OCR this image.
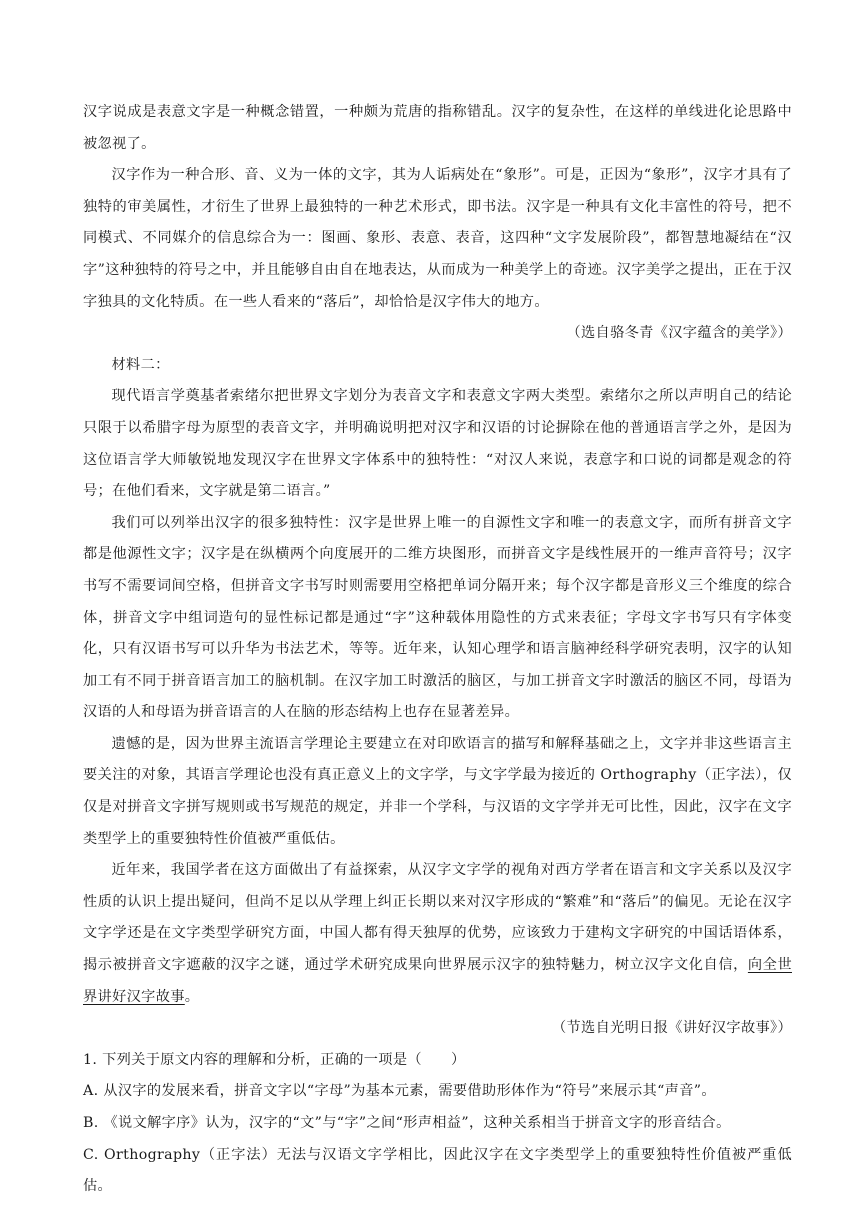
汉字说成是表意文字是一种概念错置，一种颇为荒唐的指称错乱。汉字的复杂性，在这样的单线进化论思路中被忽视了。

汉字作为一种合形、音、义为一体的文字，其为人诟病处在“象形”。可是，正因为“象形”，汉字才具有了独特的审美属性，才衍生了世界上最独特的一种艺术形式，即书法。汉字是一种具有文化丰富性的符号，把不同模式、不同媒介的信息综合为一：图画、象形、表意、表音，这四种“文字发展阶段”，都智慧地凝结在“汉字”这种独特的符号之中，并且能够自由自在地表达，从而成为一种美学上的奇迹。汉字美学之提出，正在于汉字独具的文化特质。在一些人看来的“落后”，却恰恰是汉字伟大的地方。

（选自骆冬青《汉字蕴含的美学》）

材料二：

现代语言学奠基者索绪尔把世界文字划分为表音文字和表意文字两大类型。索绪尔之所以声明自己的结论只限于以希腊字母为原型的表音文字，并明确说明把对汉字和汉语的讨论摒除在他的普通语言学之外，是因为这位语言学大师敏锐地发现汉字在世界文字体系中的独特性：“对汉人来说，表意字和口说的词都是观念的符号；在他们看来，文字就是第二语言。”

我们可以列举出汉字的很多独特性：汉字是世界上唯一的自源性文字和唯一的表意文字，而所有拼音文字都是他源性文字；汉字是在纵横两个向度展开的二维方块图形，而拼音文字是线性展开的一维声音符号；汉字书写不需要词间空格，但拼音文字书写时则需要用空格把单词分隔开来；每个汉字都是音形义三个维度的综合体，拼音文字中组词造句的显性标记都是通过“字”这种载体用隐性的方式来表征；字母文字书写只有字体变化，只有汉语书写可以升华为书法艺术，等等。近年来，认知心理学和语言脑神经科学研究表明，汉字的认知加工有不同于拼音语言加工的脑机制。在汉字加工时激活的脑区，与加工拼音文字时激活的脑区不同，母语为汉语的人和母语为拼音语言的人在脑的形态结构上也存在显著差异。

遗憾的是，因为世界主流语言学理论主要建立在对印欧语言的描写和解释基础之上，文字并非这些语言主要关注的对象，其语言学理论也没有真正意义上的文字学，与文字学最为接近的 Orthography（正字法），仅仅是对拼音文字拼写规则或书写规范的规定，并非一个学科，与汉语的文字学并无可比性，因此，汉字在文字类型学上的重要独特性价值被严重低估。

近年来，我国学者在这方面做出了有益探索，从汉字文字学的视角对西方学者在语言和文字关系以及汉字性质的认识上提出疑问，但尚不足以从学理上纠正长期以来对汉字形成的“繁难”和“落后”的偏见。无论在汉字文字学还是在文字类型学研究方面，中国人都有得天独厚的优势，应该致力于建构文字研究的中国话语体系，揭示被拼音文字遮蔽的汉字之谜，通过学术研究成果向世界展示汉字的独特魅力，树立汉字文化自信，向全世界讲好汉字故事。

（节选自光明日报《讲好汉字故事》）

1. 下列关于原文内容的理解和分析，正确的一项是（　　）

A. 从汉字的发展来看，拼音文字以“字母”为基本元素，需要借助形体作为“符号”来展示其“声音”。

B. 《说文解字序》认为，汉字的“文”与“字”之间“形声相益”，这种关系相当于拼音文字的形音结合。

C. Orthography（正字法）无法与汉语文字学相比，因此汉字在文字类型学上的重要独特性价值被严重低估。
